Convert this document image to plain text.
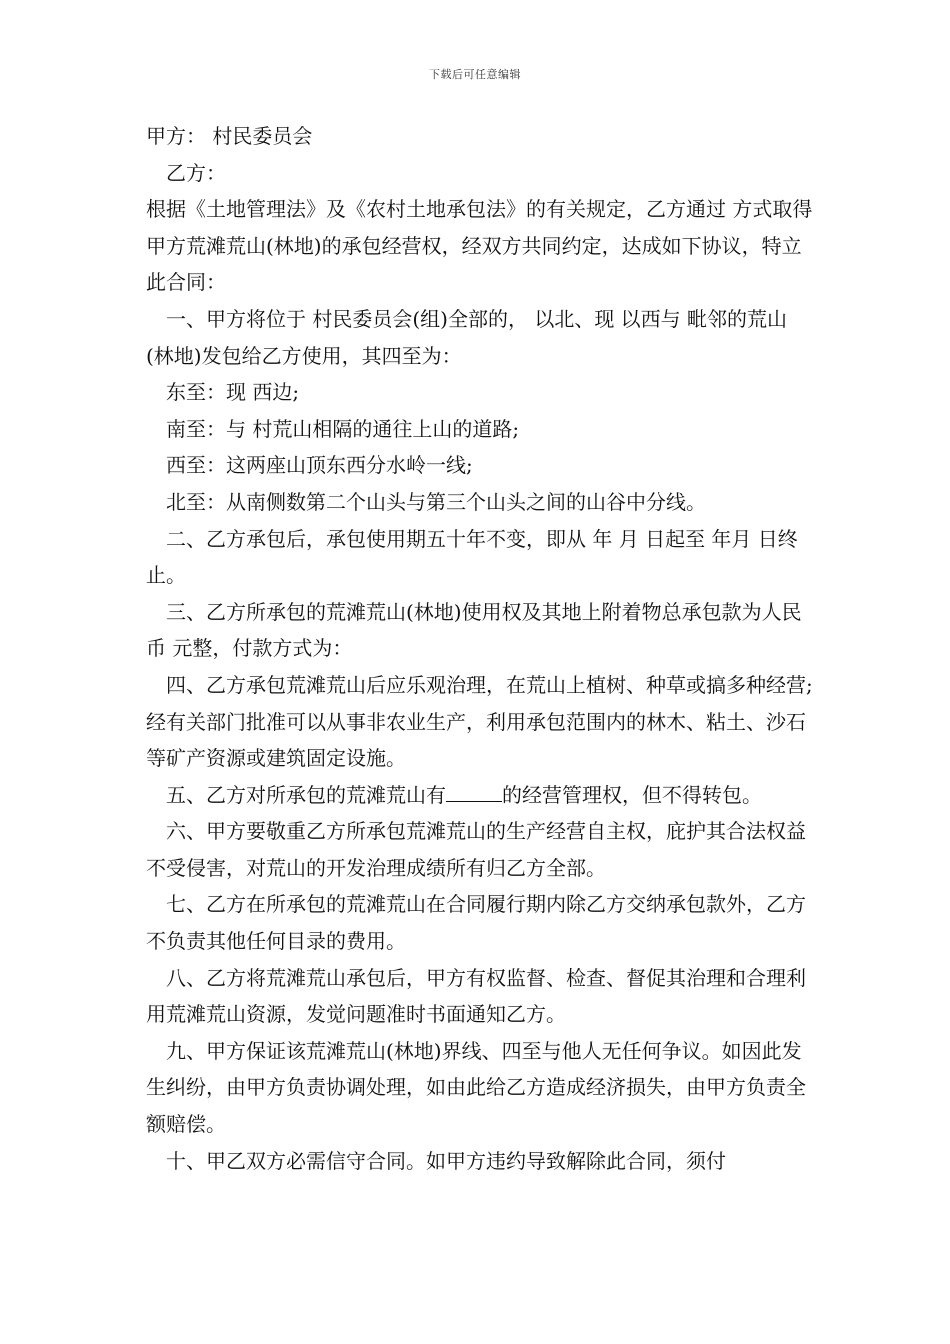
下载后可任意编辑

甲方： 村民委员会

乙方：

根据《土地管理法》及《农村土地承包法》的有关规定，乙方通过 方式取得甲方荒滩荒山(林地)的承包经营权，经双方共同约定，达成如下协议，特立此合同：

一、甲方将位于 村民委员会(组)全部的， 以北、现 以西与 毗邻的荒山(林地)发包给乙方使用，其四至为：

东至：现 西边;

南至：与 村荒山相隔的通往上山的道路;

西至：这两座山顶东西分水岭一线;

北至：从南侧数第二个山头与第三个山头之间的山谷中分线。

二、乙方承包后，承包使用期五十年不变，即从 年 月 日起至 年月 日终止。

三、乙方所承包的荒滩荒山(林地)使用权及其地上附着物总承包款为人民币 元整，付款方式为：

四、乙方承包荒滩荒山后应乐观治理，在荒山上植树、种草或搞多种经营;经有关部门批准可以从事非农业生产，利用承包范围内的林木、粘土、沙石等矿产资源或建筑固定设施。

五、乙方对所承包的荒滩荒山有	的经营管理权，但不得转包。

六、甲方要敬重乙方所承包荒滩荒山的生产经营自主权，庇护其合法权益不受侵害，对荒山的开发治理成绩所有归乙方全部。

七、乙方在所承包的荒滩荒山在合同履行期内除乙方交纳承包款外，乙方不负责其他任何目录的费用。

八、乙方将荒滩荒山承包后，甲方有权监督、检查、督促其治理和合理利用荒滩荒山资源，发觉问题准时书面通知乙方。

九、甲方保证该荒滩荒山(林地)界线、四至与他人无任何争议。如因此发生纠纷，由甲方负责协调处理，如由此给乙方造成经济损失，由甲方负责全额赔偿。

十、甲乙双方必需信守合同。如甲方违约导致解除此合同，须付
